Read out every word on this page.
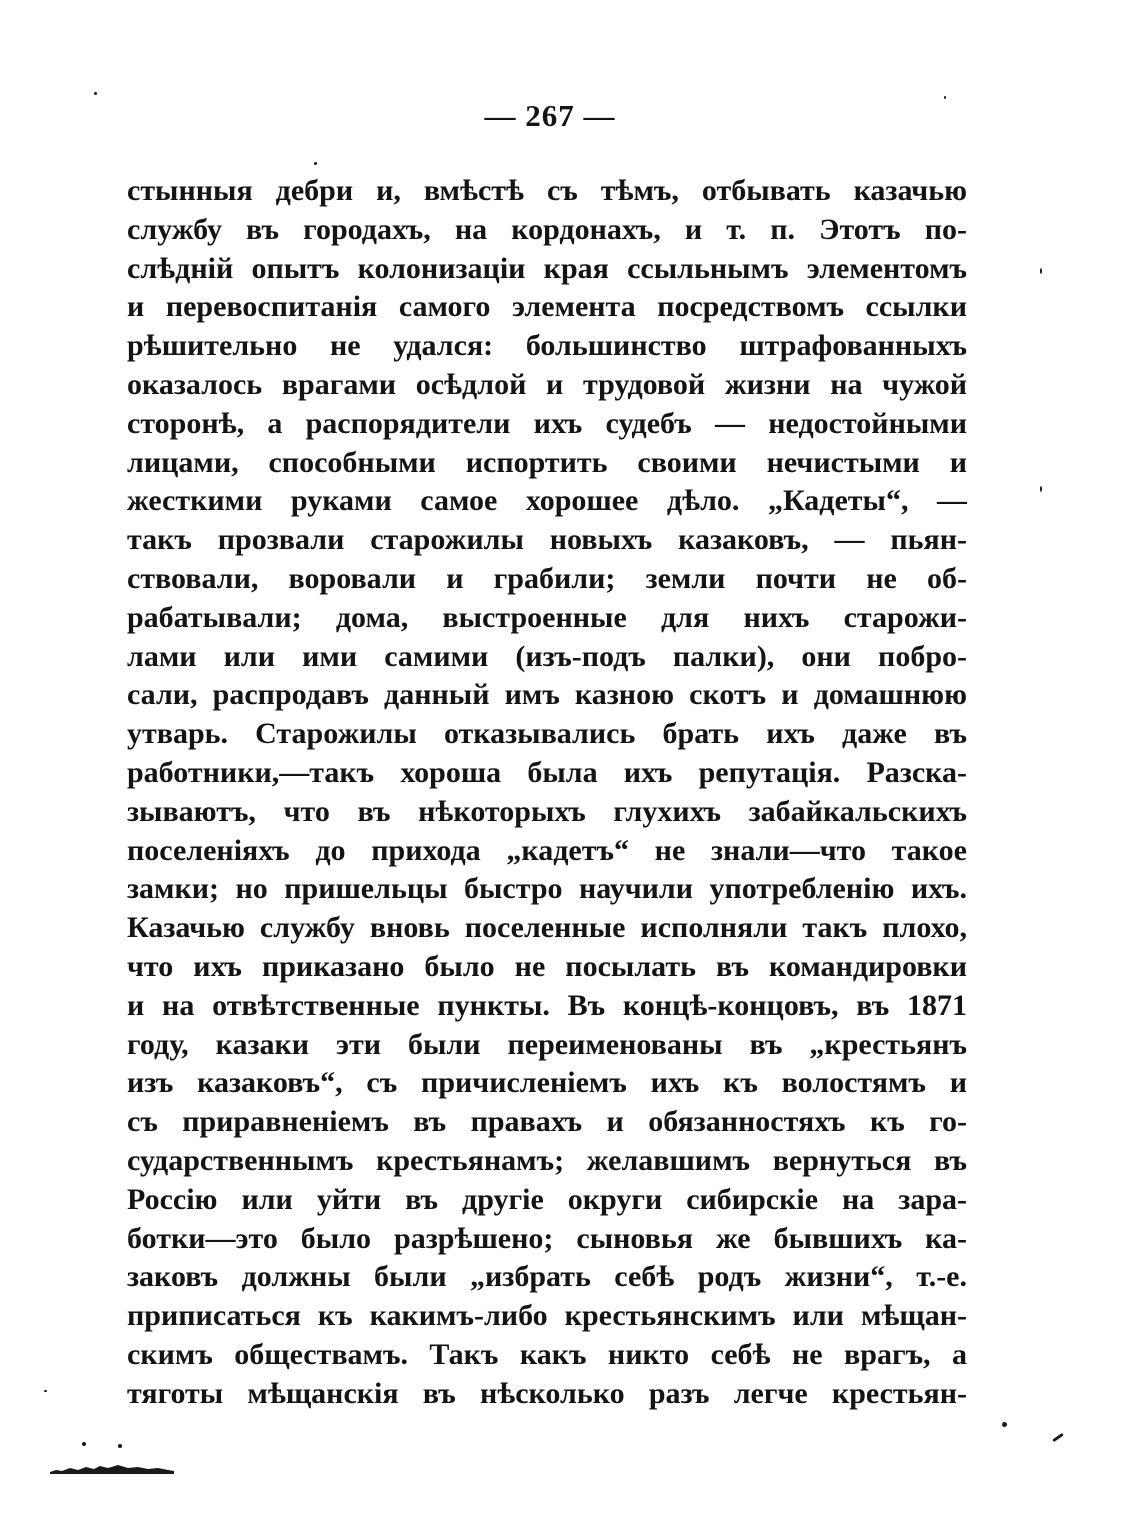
— 267 —
стынныя дебри и, вмѣстѣ съ тѣмъ, отбывать казачью
службу въ городахъ, на кордонахъ, и т. п. Этотъ по-
слѣднiй опытъ колонизацiи края ссыльнымъ элементомъ
и перевоспитанiя самого элемента посредствомъ ссылки
рѣшительно не удался: большинство штрафованныхъ
оказалось врагами осѣдлой и трудовой жизни на чужой
сторонѣ, а распорядители ихъ судебъ — недостойными
лицами, способными испортить своими нечистыми и
жесткими руками самое хорошее дѣло. „Кадеты“, —
такъ прозвали старожилы новыхъ казаковъ, — пьян-
ствовали, воровали и грабили; земли почти не об-
рабатывали; дома, выстроенные для нихъ старожи-
лами или ими самими (изъ-подъ палки), они побро-
сали, распродавъ данный имъ казною скотъ и домашнюю
утварь. Старожилы отказывались брать ихъ даже въ
работники,—такъ хороша была ихъ репутацiя. Разска-
зываютъ, что въ нѣкоторыхъ глухихъ забайкальскихъ
поселенiяхъ до прихода „кадетъ“ не знали—что такое
замки; но пришельцы быстро научили употребленiю ихъ.
Казачью службу вновь поселенные исполняли такъ плохо,
что ихъ приказано было не посылать въ командировки
и на отвѣтственные пункты. Въ концѣ-концовъ, въ 1871
году, казаки эти были переименованы въ „крестьянъ
изъ казаковъ“, съ причисленiемъ ихъ къ волостямъ и
съ приравненiемъ въ правахъ и обязанностяхъ къ го-
сударственнымъ крестьянамъ; желавшимъ вернуться въ
Россiю или уйти въ другiе округи сибирскiе на зара-
ботки—это было разрѣшено; сыновья же бывшихъ ка-
заковъ должны были „избрать себѣ родъ жизни“, т.-е.
приписаться къ какимъ-либо крестьянскимъ или мѣщан-
скимъ обществамъ. Такъ какъ никто себѣ не врагъ, а
тяготы мѣщанскiя въ нѣсколько разъ легче крестьян-
